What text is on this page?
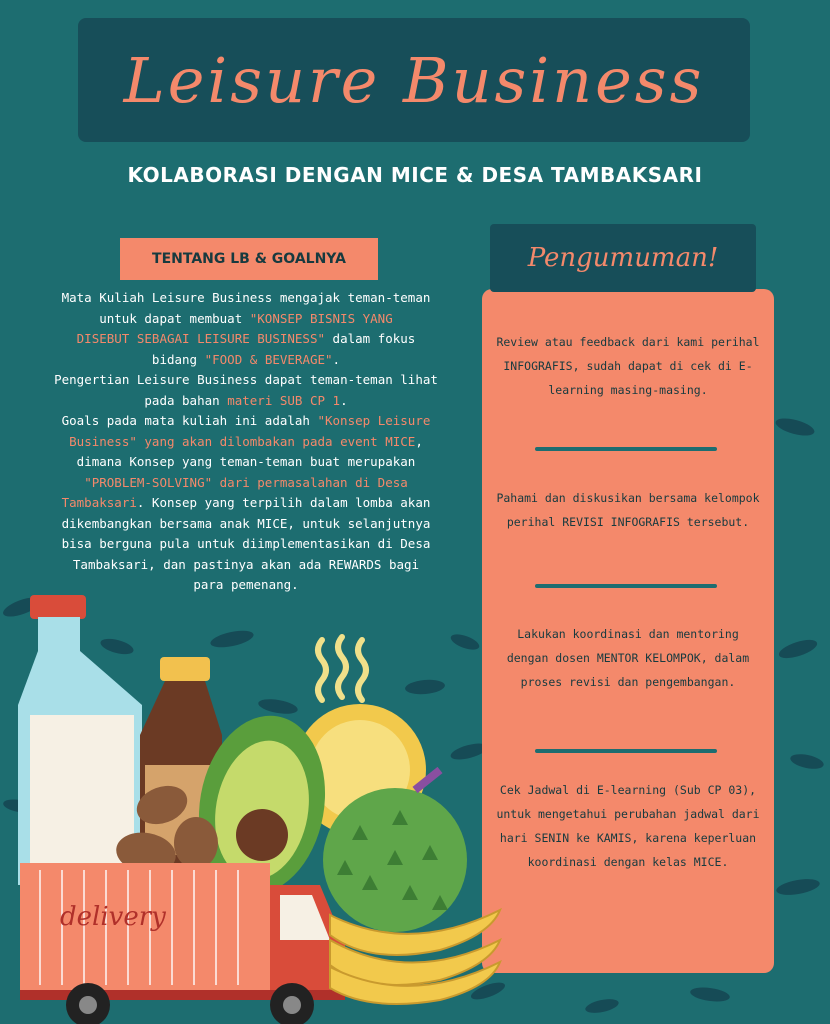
Leisure Business
KOLABORASI DENGAN MICE & DESA TAMBAKSARI
TENTANG LB & GOALNYA
Mata Kuliah Leisure Business mengajak teman-teman
untuk dapat membuat "KONSEP BISNIS YANG
DISEBUT SEBAGAI LEISURE BUSINESS" dalam fokus
bidang "FOOD & BEVERAGE".
Pengertian Leisure Business dapat teman-teman lihat
pada bahan materi SUB CP 1.
Goals pada mata kuliah ini adalah "Konsep Leisure
Business" yang akan dilombakan pada event MICE,
dimana Konsep yang teman-teman buat merupakan
"PROBLEM-SOLVING" dari permasalahan di Desa
Tambaksari. Konsep yang terpilih dalam lomba akan
dikembangkan bersama anak MICE, untuk selanjutnya
bisa berguna pula untuk diimplementasikan di Desa
Tambaksari, dan pastinya akan ada REWARDS bagi
para pemenang.
Pengumuman!
Review atau feedback dari kami perihal INFOGRAFIS, sudah dapat di cek di E-learning masing-masing.
Pahami dan diskusikan bersama kelompok perihal REVISI INFOGRAFIS tersebut.
Lakukan koordinasi dan mentoring dengan dosen MENTOR KELOMPOK, dalam proses revisi dan pengembangan.
Cek Jadwal di E-learning (Sub CP 03), untuk mengetahui perubahan jadwal dari hari SENIN ke KAMIS, karena keperluan koordinasi dengan kelas MICE.
delivery
